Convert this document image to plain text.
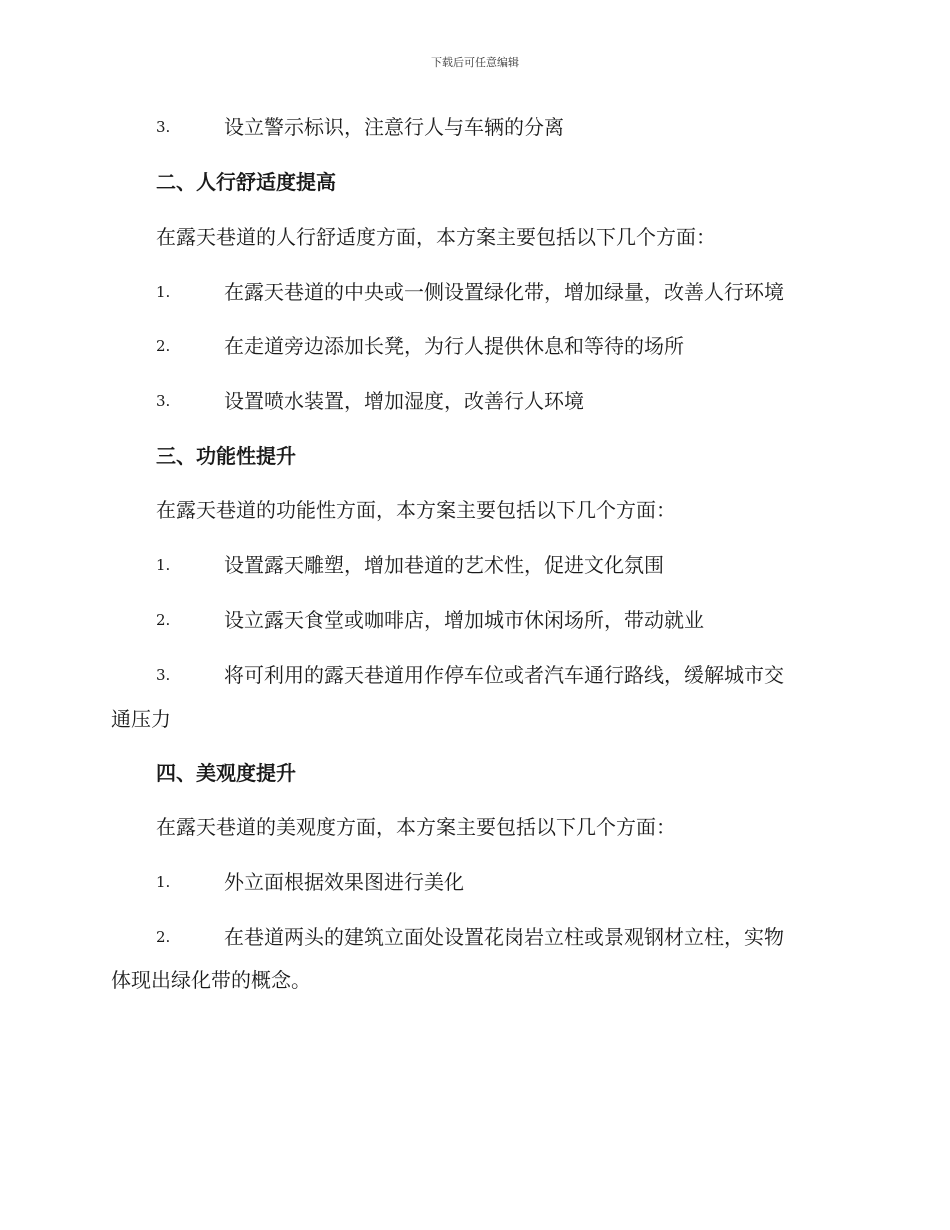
下载后可任意编辑
3.	设立警示标识，注意行人与车辆的分离
二、人行舒适度提高
在露天巷道的人行舒适度方面，本方案主要包括以下几个方面：
1.	在露天巷道的中央或一侧设置绿化带，增加绿量，改善人行环境
2.	在走道旁边添加长凳，为行人提供休息和等待的场所
3.	设置喷水装置，增加湿度，改善行人环境
三、功能性提升
在露天巷道的功能性方面，本方案主要包括以下几个方面：
1.	设置露天雕塑，增加巷道的艺术性，促进文化氛围
2.	设立露天食堂或咖啡店，增加城市休闲场所，带动就业
3.	将可利用的露天巷道用作停车位或者汽车通行路线，缓解城市交
通压力
四、美观度提升
在露天巷道的美观度方面，本方案主要包括以下几个方面：
1.	外立面根据效果图进行美化
2.	在巷道两头的建筑立面处设置花岗岩立柱或景观钢材立柱，实物
体现出绿化带的概念。
